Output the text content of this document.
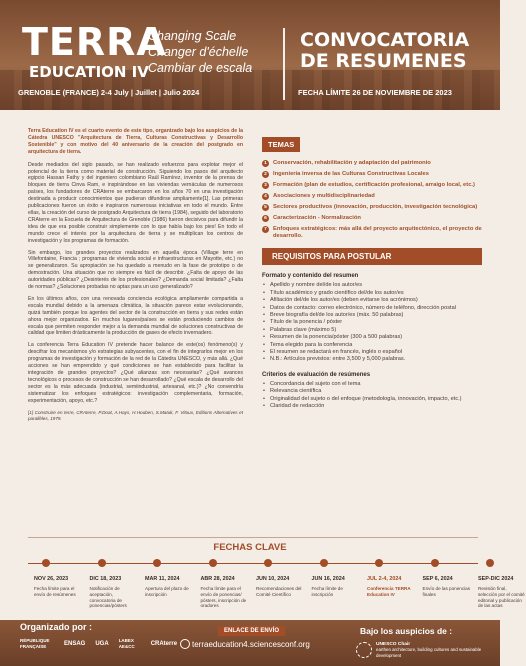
TERRA
EDUCATION IV
Changing Scale
Changer d'échelle
Cambiar de escala
CONVOCATORIA
DE RESUMENES
GRENOBLE (FRANCE) 2-4 July | Juillet | Julio 2024	FECHA LÍMITE 26 DE NOVIEMBRE DE 2023

Terra Education IV es el cuarto evento de este tipo, organizado bajo los auspicios de la Cátedra UNESCO "Arquitectura de Tierra, Culturas Constructivas y Desarrollo Sostenible" y con motivo del 40 aniversario de la creación del postgrado en arquitectura de tierra.

Desde mediados del siglo pasado, se han realizado esfuerzos para explotar mejor el potencial de la tierra como material de construcción. Siguiendo los pasos del arquitecto egipcio Hassan Fathy y del ingeniero colombiano Raúl Ramírez, inventor de la prensa de bloques de tierra Cinva Ram, e inspirándose en las viviendas vernáculas de numerosos países, los fundadores de CRAterre se embarcaron en los años 70 en una investigación destinada a producir conocimientos que pudieran difundirse ampliamente[1]. Las primeras publicaciones fueron un éxito e inspiraron numerosas iniciativas en todo el mundo. Entre ellas, la creación del curso de postgrado Arquitectura de tierra (1984), seguido del laboratorio CRAterre en la Escuela de Arquitectura de Grenoble (1986) fueron decisivos para difundir la idea de que era posible construir simplemente con lo que había bajo los pies! En todo el mundo crece el interés por la arquitectura de tierra y se multiplican los centros de investigación y los programas de formación.

Sin embargo, los grandes proyectos realizados en aquella época (Village terre en Villefontaine, Francia ; programas de vivienda social e infraestructuras en Mayotte, etc.) no se generalizaron. Su apropiación se ha quedado a menudo en la fase de prototipo o de demostración. Una situación que no siempre es fácil de describir. ¿Falta de apoyo de las autoridades públicas? ¿Desinterés de los profesionales? ¿Demanda social limitada? ¿Falta de normas? ¿Soluciones probadas no aptas para un uso generalizado?

En los últimos años, con una renovada conciencia ecológica ampliamente compartida a escala mundial debido a la amenaza climática, la situación parece estar evolucionando, quizá también porque los agentes del sector de la construcción en tierra y sus redes están ahora mejor organizados. En muchos lugares/países se están produciendo cambios de escala que permiten responder mejor a la demanda mundial de soluciones constructivas de calidad que limiten drásticamente la producción de gases de efecto invernadero.

La conferencia Terra Education IV pretende hacer balance de este(os) fenómeno(s) y descifrar los mecanismos y/o estrategias subyacentes, con el fin de integrarlos mejor en los programas de investigación y formación de la red de la Cátedra UNESCO, y más allá. ¿Qué acciones se han emprendido y qué condiciones se han establecido para facilitar la integración de grandes proyectos? ¿Qué alianzas son necesarias? ¿Qué avances tecnológicos o procesos de construcción se han desarrollado? ¿Qué escala de desarrollo del sector es la más adecuada (industrial, semiindustrial, artesanal, etc.)? ¿No convendría sistematizar los enfoques estratégicos: investigación complementaria, formación, experimentación, apoyo, etc.?

[1] Construire en terre, CRAterre, P.Doat, A.Hays, H.Houben, S.Matuk, F. Vitoux, Editions Alternatives et parallèles, 1979.

TEMAS
1	Conservación, rehabilitación y adaptación del patrimonio
2	Ingeniería inversa de las Culturas Constructivas Locales
3	Formación (plan de estudios, certificación profesional, arraigo local, etc.)
4	Asociaciones y multidisciplinariedad
5	Sectores productivos (innovación, producción, investigación tecnológica)
6	Caracterización - Normalización
7	Enfoques estratégicos: más allá del proyecto arquitectónico, el proyecto de desarrollo.
REQUISITOS PARA POSTULAR
Formato y contenido del resumen
• Apellido y nombre del/de los autor/es
• Título académico y grado científico del/de los autor/es
• Afiliación del/de los autor/es (deben evitarse los acrónimos)
• Datos de contacto: correo electrónico, número de teléfono, dirección postal
• Breve biografía del/de los autor/es (máx. 50 palabras)
• Título de la ponencia / póster
• Palabras clave (máximo 5)
• Resumen de la ponencia/póster (300 a 500 palabras)
• Tema elegido para la conferencia
• El resumen se redactará en francés, inglés o español
• N.B.: Artículos previstos: entre 3,500 y 5,000 palabras.
Criterios de evaluación de resúmenes
• Concordancia del sujeto con el tema
• Relevancia científica
• Originalidad del sujeto o del enfoque (metodología, innovación, impacto, etc.)
• Claridad de redacción
FECHAS CLAVE
NOV 26, 2023
Fecha límite para el envío de resúmenes
DIC 18, 2023
Notificación de aceptación, convocatoria de ponencias/pósters
MAR 11, 2024
Apertura del plazo de inscripción
ABR 28, 2024
Fecha límite para el envío de ponencias/ pósters, inscripción de oradores
JUN 10, 2024
Recomendaciones del Comité Científico
JUN 16, 2024
Fecha límite de inscripción
JUL 2-4, 2024
Conferencia TERRA Education IV
SEP 6, 2024
Envío de las ponencias finales
SEP-DIC 2024
Revisión final, selección por el comité editorial y publicación de las actas
Organizado por :
RÉPUBLIQUE FRANÇAISE	ENSAG UGA
LABEX AE&CC	CRAterre
ENLACE DE ENVÍO
terraeducation4.sciencesconf.org
Bajo los auspicios de :
UNESCO Chair
earthen architecture, building cultures and sustainable development
